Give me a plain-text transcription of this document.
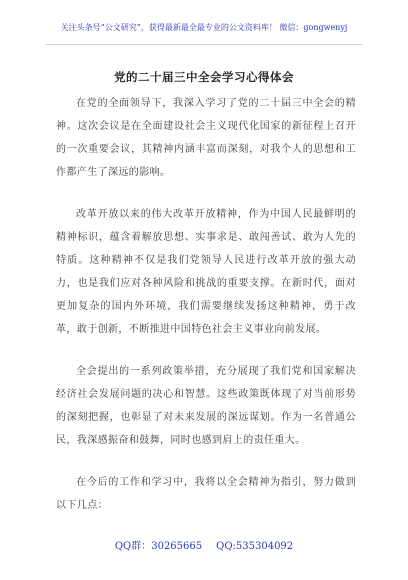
关注头条号“公文研究”，获得最新最全最专业的公文资料库！ 微信：gongwenyj
党的二十届三中全会学习心得体会

在党的全面领导下，我深入学习了党的二十届三中全会的精神。这次会议是在全面建设社会主义现代化国家的新征程上召开的一次重要会议，其精神内涵丰富而深刻，对我个人的思想和工作都产生了深远的影响。

改革开放以来的伟大改革开放精神，作为中国人民最鲜明的精神标识，蕴含着解放思想、实事求是、敢闯善试、敢为人先的特质。这种精神不仅是我们党领导人民进行改革开放的强大动力，也是我们应对各种风险和挑战的重要支撑。在新时代，面对更加复杂的国内外环境，我们需要继续发扬这种精神，勇于改革，敢于创新，不断推进中国特色社会主义事业向前发展。

全会提出的一系列政策举措，充分展现了我们党和国家解决经济社会发展问题的决心和智慧。这些政策既体现了对当前形势的深刻把握，也彰显了对未来发展的深远谋划。作为一名普通公民，我深感振奋和鼓舞，同时也感到肩上的责任重大。

在今后的工作和学习中，我将以全会精神为指引，努力做到以下几点：

QQ群：30265665 QQ:535304092
